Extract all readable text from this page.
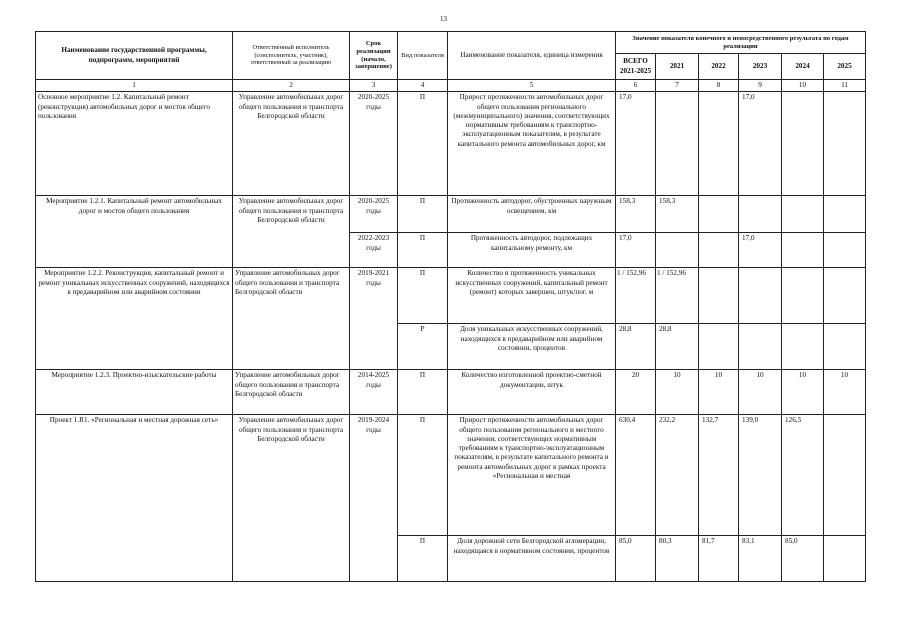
13
Наименование государственной программы, подпрограмм, мероприятий	Ответственный исполнитель (соисполнитель, участник), ответственный за реализацию	Срок реализации (начало, завершение)	Вид показателя	Наименование показателя, единица измерения	Значение показателя конечного и непосредственного результата по годам реализации					
					ВСЕГО 2021-2025	2021	2022	2023	2024	2025
1	2	3	4	5	6	7	8	9	10	11
Основное мероприятие 1.2. Капитальный ремонт (реконструкция) автомобильных дорог и мостов общего пользования	Управление автомобильных дорог общего пользования и транспорта Белгородской области	2020-2025 годы	П	Прирост протяженности автомобильных дорог общего пользования регионального (межмуниципального) значения, соответствующих нормативным требованиям к транспортно-эксплуатационным показателям, в результате капитального ремонта автомобильных дорог, км	17,0			17,0		
Мероприятие 1.2.1. Капитальный ремонт автомобильных дорог и мостов общего пользования	Управление автомобильных дорог общего пользования и транспорта Белгородской области	2020-2025 годы	П	Протяженность автодорог, обустроенных наружным освещением, км	158,3	158,3				
		2022-2023 годы	П	Протяженность автодорог, подлежащих капитальному ремонту, км	17,0			17,0		
Мероприятие 1.2.2. Реконструкция, капитальный ремонт и ремонт уникальных искусственных сооружений, находящихся в предаварийном или аварийном состоянии	Управление автомобильных дорог общего пользования и транспорта Белгородской области	2019-2021 годы	П	Количество и протяженность уникальных искусственных сооружений, капитальный ремонт (ремонт) которых завершен, штук/пог. м	1 / 152,96	1 / 152,96				
			Р	Доля уникальных искусственных сооружений, находящихся в предаварийном или аварийном состоянии, процентов	28,8	28,8				
Мероприятие 1.2.3. Проектно-изыскательские работы	Управление автомобильных дорог общего пользования и транспорта Белгородской области	2014-2025 годы	П	Количество изготовленной проектно-сметной документации, штук	20	10	10	10	10	10
Проект 1.R1. «Региональная и местная дорожная сеть»	Управление автомобильных дорог общего пользования и транспорта Белгородской области	2019-2024 годы	П	Прирост протяженности автомобильных дорог общего пользования регионального и местного значения, соответствующих нормативным требованиям к транспортно-эксплуатационным показателям, в результате капитального ремонта и ремонта автомобильных дорог в рамках проекта «Региональная и местная	630,4	232,2	132,7	139,0	126,5	
			П	Доля дорожной сети Белгородской агломерации, находящаяся в нормативном состоянии, процентов	85,0	80,3	81,7	83,1	85,0	
